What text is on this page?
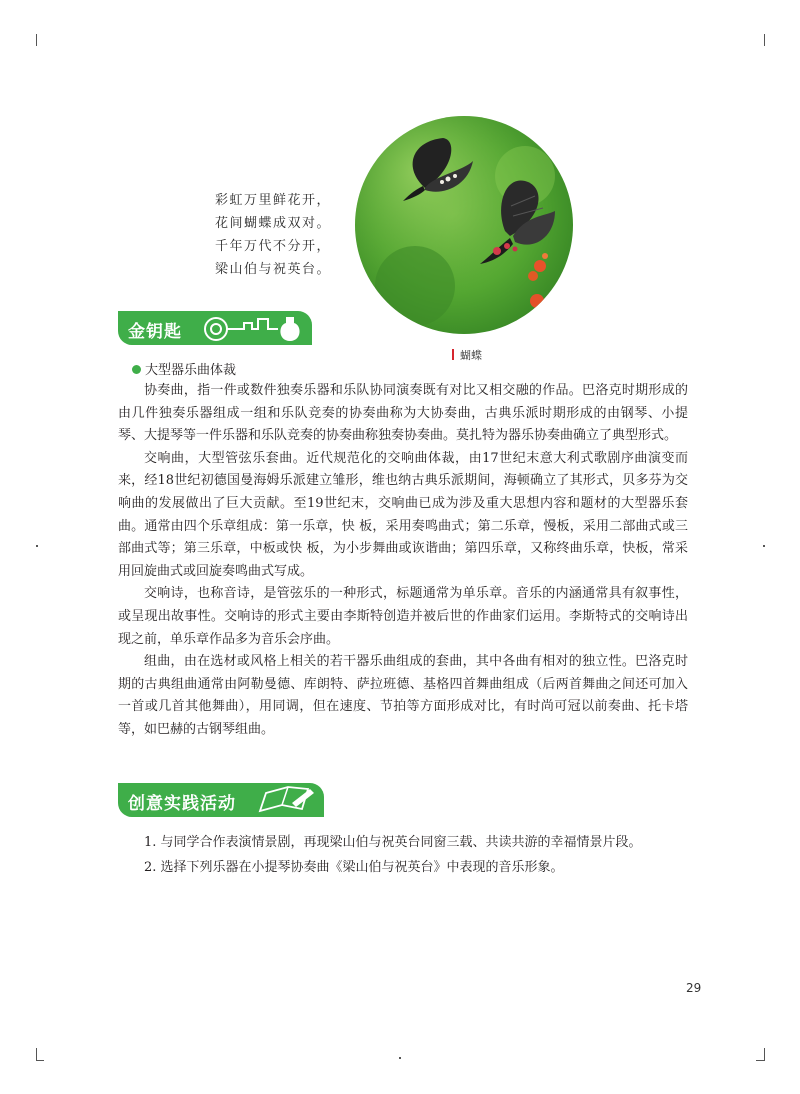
彩虹万里鲜花开，
花间蝴蝶成双对。
千年万代不分开，
梁山伯与祝英台。
蝴蝶
金钥匙
大型器乐曲体裁

协奏曲，指一件或数件独奏乐器和乐队协同演奏既有对比又相交融的作品。巴洛克时期形成的由几件独奏乐器组成一组和乐队竞奏的协奏曲称为大协奏曲，古典乐派时期形成的由钢琴、小提琴、大提琴等一件乐器和乐队竞奏的协奏曲称独奏协奏曲。莫扎特为器乐协奏曲确立了典型形式。

交响曲，大型管弦乐套曲。近代规范化的交响曲体裁，由17世纪末意大利式歌剧序曲演变而来，经18世纪初德国曼海姆乐派建立雏形，维也纳古典乐派期间，海顿确立了其形式，贝多芬为交响曲的发展做出了巨大贡献。至19世纪末，交响曲已成为涉及重大思想内容和题材的大型器乐套曲。通常由四个乐章组成：第一乐章，快 板，采用奏鸣曲式；第二乐章，慢板，采用二部曲式或三部曲式等；第三乐章，中板或快 板，为小步舞曲或诙谐曲；第四乐章，又称终曲乐章，快板，常采用回旋曲式或回旋奏鸣曲式写成。

交响诗，也称音诗，是管弦乐的一种形式，标题通常为单乐章。音乐的内涵通常具有叙事性，或呈现出故事性。交响诗的形式主要由李斯特创造并被后世的作曲家们运用。李斯特式的交响诗出现之前，单乐章作品多为音乐会序曲。

组曲，由在选材或风格上相关的若干器乐曲组成的套曲，其中各曲有相对的独立性。巴洛克时期的古典组曲通常由阿勒曼德、库朗特、萨拉班德、基格四首舞曲组成（后两首舞曲之间还可加入一首或几首其他舞曲），用同调，但在速度、节拍等方面形成对比，有时尚可冠以前奏曲、托卡塔等，如巴赫的古钢琴组曲。

创意实践活动

1. 与同学合作表演情景剧，再现梁山伯与祝英台同窗三载、共读共游的幸福情景片段。

2. 选择下列乐器在小提琴协奏曲《梁山伯与祝英台》中表现的音乐形象。

29
